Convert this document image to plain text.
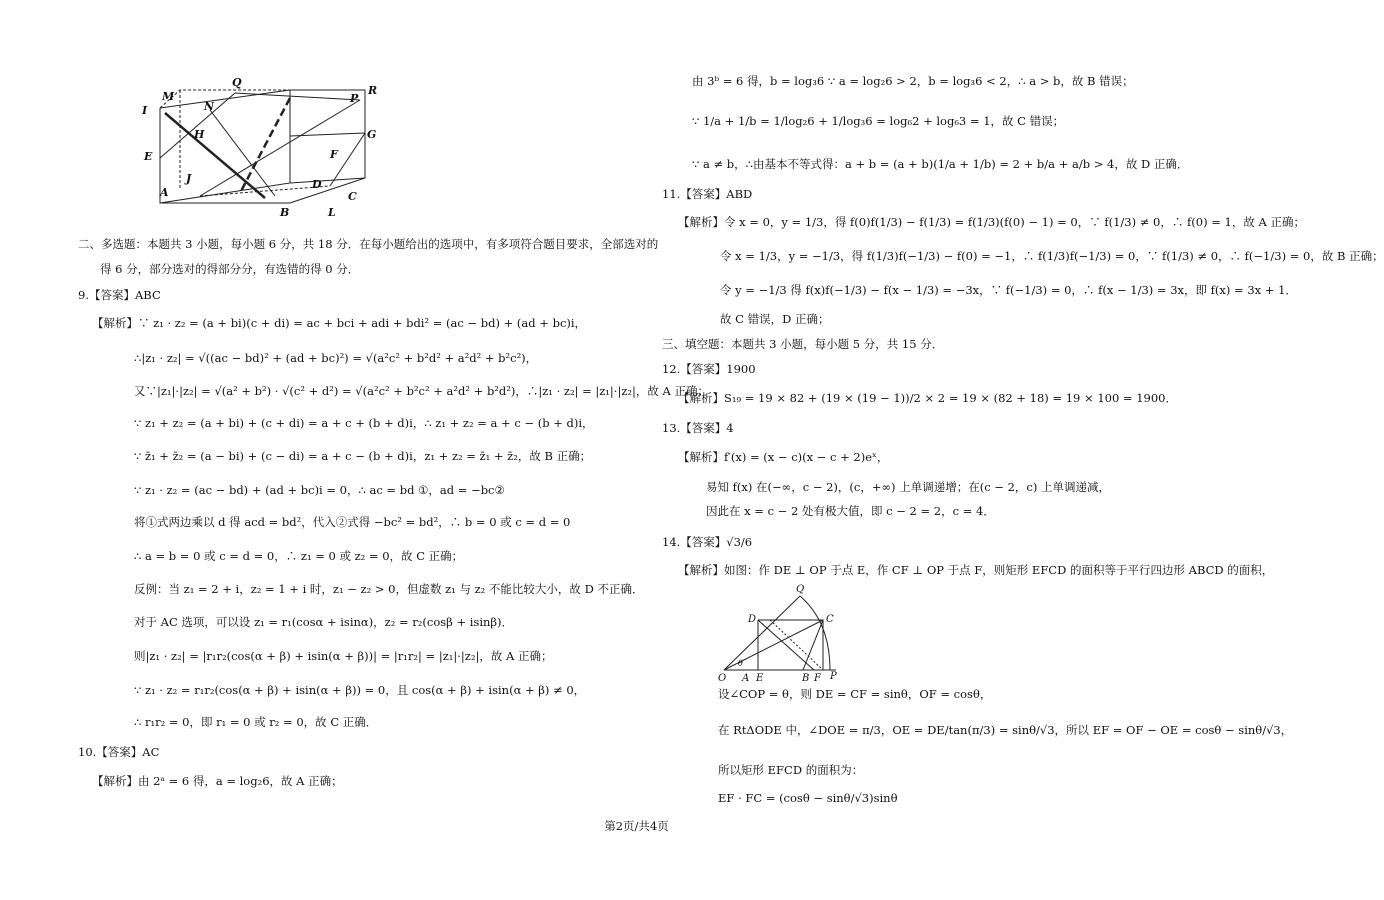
M
Q
R
I	N
P
H	G
E	F
J	D
A	C
B	L
二、多选题：本题共 3 小题，每小题 6 分，共 18 分．在每小题给出的选项中，有多项符合题目要求，全部选对的
得 6 分，部分选对的得部分分，有选错的得 0 分．
9.【答案】ABC
【解析】∵ z₁ · z₂ = (a + bi)(c + di) = ac + bci + adi + bdi² = (ac − bd) + (ad + bc)i，
∴|z₁ · z₂| = √((ac − bd)² + (ad + bc)²) = √(a²c² + b²d² + a²d² + b²c²)，
又∵|z₁|·|z₂| = √(a² + b²) · √(c² + d²) = √(a²c² + b²c² + a²d² + b²d²)，∴|z₁ · z₂| = |z₁|·|z₂|，故 A 正确；
∵ z₁ + z₂ = (a + bi) + (c + di) = a + c + (b + d)i，∴ z₁ + z₂ = a + c − (b + d)i，
∵ z̄₁ + z̄₂ = (a − bi) + (c − di) = a + c − (b + d)i，z₁ + z₂ = z̄₁ + z̄₂，故 B 正确；
∵ z₁ · z₂ = (ac − bd) + (ad + bc)i = 0，∴ ac = bd ①，ad = −bc②
将①式两边乘以 d 得 acd = bd²，代入②式得 −bc² = bd²，∴ b = 0 或 c = d = 0
∴ a = b = 0 或 c = d = 0，∴ z₁ = 0 或 z₂ = 0，故 C 正确；
反例：当 z₁ = 2 + i，z₂ = 1 + i 时，z₁ − z₂ > 0，但虚数 z₁ 与 z₂ 不能比较大小，故 D 不正确．
对于 AC 选项，可以设 z₁ = r₁(cosα + isinα)，z₂ = r₂(cosβ + isinβ)．
则|z₁ · z₂| = |r₁r₂(cos(α + β) + isin(α + β))| = |r₁r₂| = |z₁|·|z₂|，故 A 正确；
∵ z₁ · z₂ = r₁r₂(cos(α + β) + isin(α + β)) = 0，且 cos(α + β) + isin(α + β) ≠ 0，
∴ r₁r₂ = 0，即 r₁ = 0 或 r₂ = 0，故 C 正确．
10.【答案】AC
【解析】由 2ᵃ = 6 得，a = log₂6，故 A 正确；
由 3ᵇ = 6 得，b = log₃6 ∵ a = log₂6 > 2，b = log₃6 < 2，∴ a > b，故 B 错误；
∵ 1/a + 1/b = 1/log₂6 + 1/log₃6 = log₆2 + log₆3 = 1，故 C 错误；
∵ a ≠ b，∴由基本不等式得：a + b = (a + b)(1/a + 1/b) = 2 + b/a + a/b > 4，故 D 正确．
11.【答案】ABD
【解析】令 x = 0，y = 1/3，得 f(0)f(1/3) − f(1/3) = f(1/3)(f(0) − 1) = 0，∵ f(1/3) ≠ 0，∴ f(0) = 1，故 A 正确；
令 x = 1/3，y = −1/3，得 f(1/3)f(−1/3) − f(0) = −1，∴ f(1/3)f(−1/3) = 0，∵ f(1/3) ≠ 0，∴ f(−1/3) = 0，故 B 正确；
令 y = −1/3 得 f(x)f(−1/3) − f(x − 1/3) = −3x，∵ f(−1/3) = 0，∴ f(x − 1/3) = 3x，即 f(x) = 3x + 1．
故 C 错误，D 正确；
三、填空题：本题共 3 小题，每小题 5 分，共 15 分．
12.【答案】1900
【解析】S₁₉ = 19 × 82 + (19 × (19 − 1))/2 × 2 = 19 × (82 + 18) = 19 × 100 = 1900．
13.【答案】4
【解析】f′(x) = (x − c)(x − c + 2)eˣ，
易知 f(x) 在(−∞，c − 2)，(c，+∞) 上单调递增；在(c − 2，c) 上单调递减，
因此在 x = c − 2 处有极大值，即 c − 2 = 2，c = 4．
14.【答案】√3/6
【解析】如图：作 DE ⊥ OP 于点 E，作 CF ⊥ OP 于点 F，则矩形 EFCD 的面积等于平行四边形 ABCD 的面积，
Q
D	C
θ
O A E	B F P
设∠COP = θ，则 DE = CF = sinθ，OF = cosθ，
在 RtΔODE 中，∠DOE = π/3，OE = DE/tan(π/3) = sinθ/√3，所以 EF = OF − OE = cosθ − sinθ/√3，
所以矩形 EFCD 的面积为：
EF · FC = (cosθ − sinθ/√3)sinθ
第2页/共4页
